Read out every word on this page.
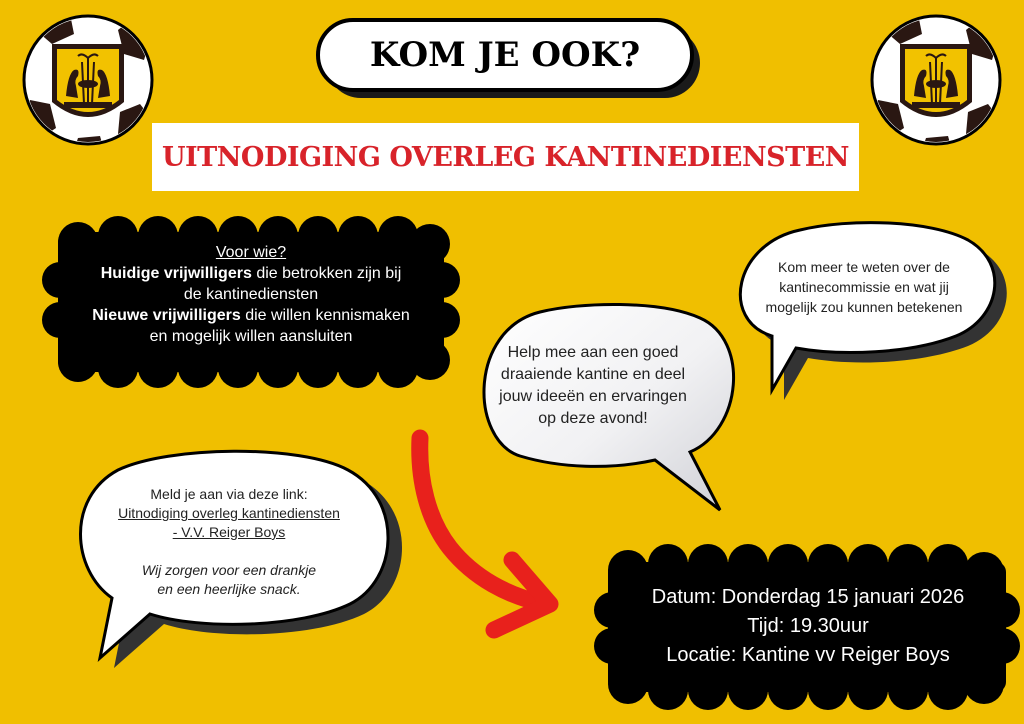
KOM JE OOK?
UITNODIGING OVERLEG KANTINEDIENSTEN
Voor wie?
Huidige vrijwilligers die betrokken zijn bij
de kantinediensten
Nieuwe vrijwilligers die willen kennismaken
en mogelijk willen aansluiten
Help mee aan een goed
draaiende kantine en deel
jouw ideeën en ervaringen
op deze avond!
Kom meer te weten over de
kantinecommissie en wat jij
mogelijk zou kunnen betekenen
Meld je aan via deze link:
Uitnodiging overleg kantinediensten
- V.V. Reiger Boys
Wij zorgen voor een drankje
en een heerlijke snack.	Datum: Donderdag 15 januari 2026
Tijd: 19.30uur
Locatie: Kantine vv Reiger Boys
